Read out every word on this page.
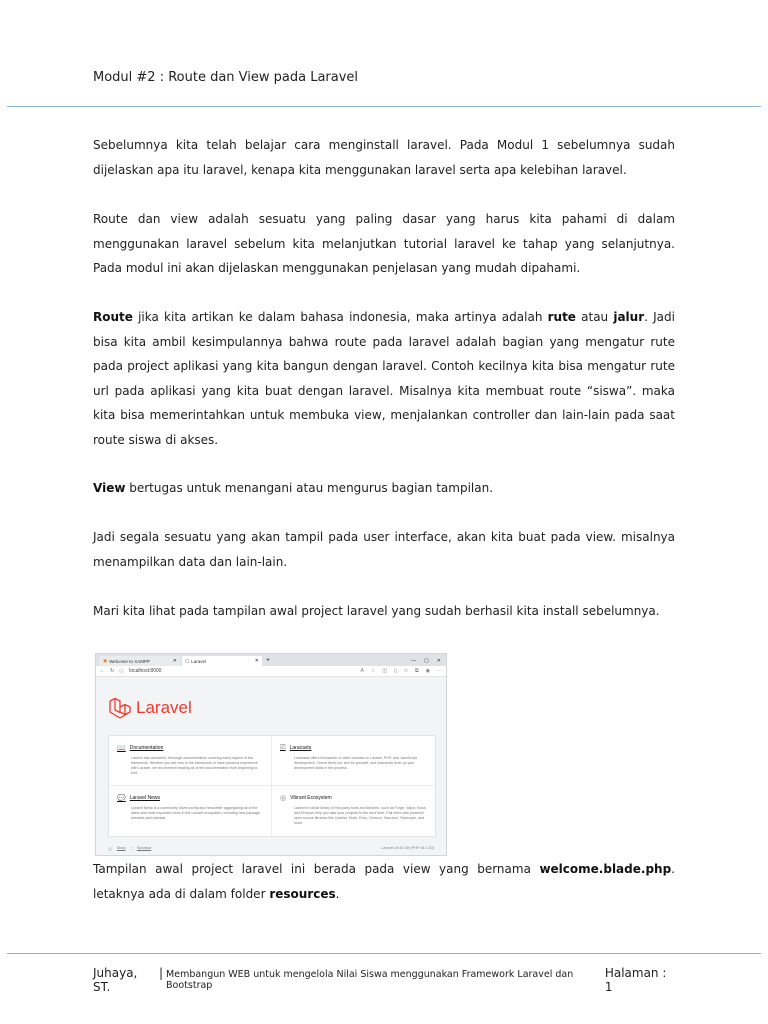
Modul #2 : Route dan View pada Laravel

Sebelumnya kita telah belajar cara menginstall laravel. Pada Modul 1 sebelumnya sudah dijelaskan apa itu laravel, kenapa kita menggunakan laravel serta apa kelebihan laravel.

Route dan view adalah sesuatu yang paling dasar yang harus kita pahami di dalam menggunakan laravel sebelum kita melanjutkan tutorial laravel ke tahap yang selanjutnya. Pada modul ini akan dijelaskan menggunakan penjelasan yang mudah dipahami.

Route jika kita artikan ke dalam bahasa indonesia, maka artinya adalah rute atau jalur. Jadi bisa kita ambil kesimpulannya bahwa route pada laravel adalah bagian yang mengatur rute pada project aplikasi yang kita bangun dengan laravel. Contoh kecilnya kita bisa mengatur rute url pada aplikasi yang kita buat dengan laravel. Misalnya kita membuat route “siswa”. maka kita bisa memerintahkan untuk membuka view, menjalankan controller dan lain-lain pada saat route siswa di akses.

View bertugas untuk menangani atau mengurus bagian tampilan.

Jadi segala sesuatu yang akan tampil pada user interface, akan kita buat pada view. misalnya menampilkan data dan lain-lain.

Mari kita lihat pada tampilan awal project laravel yang sudah berhasil kita install sebelumnya.

▣ Welcome to XAMPP	✕ ▢ Laravel	✕ +	— ▢ ✕
← ↻ ⓘ localhost:8000	A ☆ ◫ ▯ ✩ ⧉ ◉ ⋯
Laravel
📖 Documentation
Laravel has wonderful, thorough documentation covering every aspect of the framework. Whether you are new to the framework or have previous experience with Laravel, we recommend reading all of the documentation from beginning to end.
⎚ Laracasts
Laracasts offers thousands of video tutorials on Laravel, PHP, and JavaScript development. Check them out, see for yourself, and massively level up your development skills in the process.
💬 Laravel News
Laravel News is a community driven portal and newsletter aggregating all of the latest and most important news in the Laravel ecosystem, including new package releases and tutorials.
◎ Vibrant Ecosystem
Laravel's robust library of first-party tools and libraries, such as Forge, Vapor, Nova, and Envoyer help you take your projects to the next level. Pair them with powerful open source libraries like Cashier, Dusk, Echo, Horizon, Sanctum, Telescope, and more.
🛒 Shop ♡ Sponsor	Laravel v8.52.48 (PHP v8.0.30)

Tampilan awal project laravel ini berada pada view yang bernama welcome.blade.php. letaknya ada di dalam folder resources.

Juhaya, ST.
| Membangun WEB untuk mengelola Nilai Siswa menggunakan Framework Laravel dan Bootstrap
Halaman : 1
